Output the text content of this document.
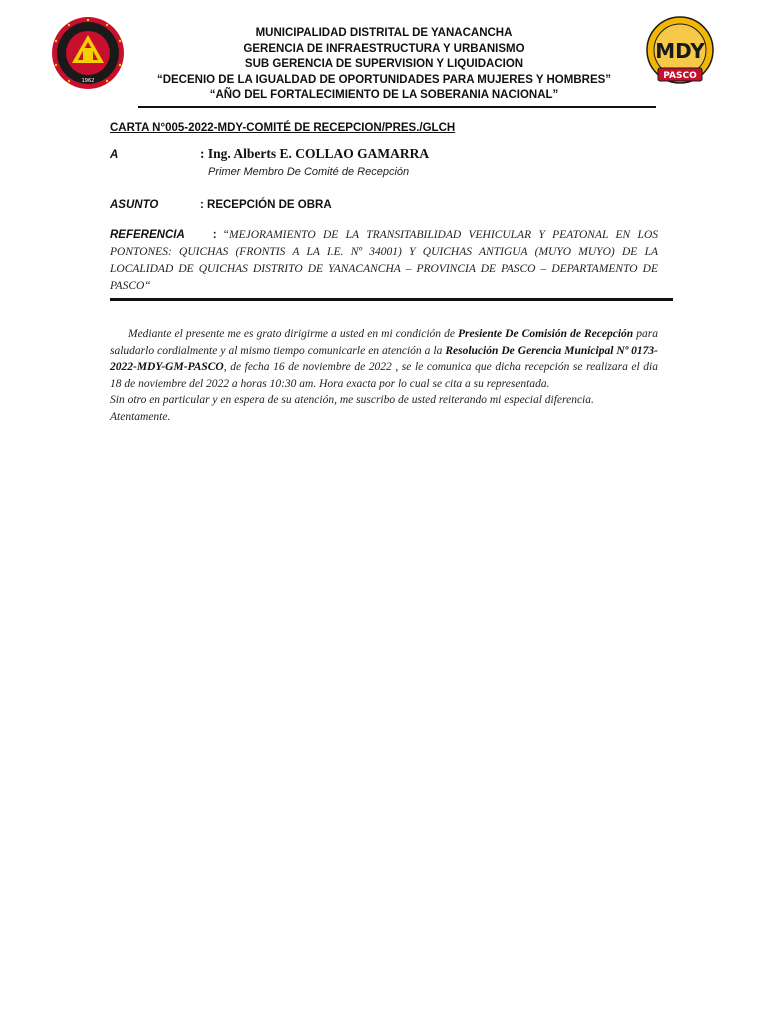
1962
MDY
PASCO
MUNICIPALIDAD DISTRITAL DE YANACANCHA
GERENCIA DE INFRAESTRUCTURA Y URBANISMO
SUB GERENCIA DE SUPERVISION Y LIQUIDACION
“DECENIO DE LA IGUALDAD DE OPORTUNIDADES PARA MUJERES Y HOMBRES”
“AÑO DEL FORTALECIMIENTO DE LA SOBERANIA NACIONAL”
CARTA N°005-2022-MDY-COMITÉ DE RECEPCION/PRES./GLCH
A	: Ing. Alberts E. COLLAO GAMARRA
Primer Membro De Comité de Recepción
ASUNTO	: RECEPCIÓN DE OBRA
REFERENCIA : “MEJORAMIENTO DE LA TRANSITABILIDAD VEHICULAR Y PEATONAL EN LOS PONTONES: QUICHAS (FRONTIS A LA I.E. Nº 34001) Y QUICHAS ANTIGUA (MUYO MUYO) DE LA LOCALIDAD DE QUICHAS DISTRITO DE YANACANCHA – PROVINCIA DE PASCO – DEPARTAMENTO DE PASCO“

Mediante el presente me es grato dirigirme a usted en mi condición de Presiente De Comisión de Recepción para saludarlo cordialmente y al mismo tiempo comunicarle en atención a la Resolución De Gerencia Municipal Nº 0173-2022-MDY-GM-PASCO, de fecha 16 de noviembre de 2022 , se le comunica que dicha recepción se realizara el dia 18 de noviembre del 2022 a horas 10:30 am. Hora exacta por lo cual se cita a su representada.

Sin otro en particular y en espera de su atención, me suscribo de usted reiterando mi especial diferencia.

Atentamente.
